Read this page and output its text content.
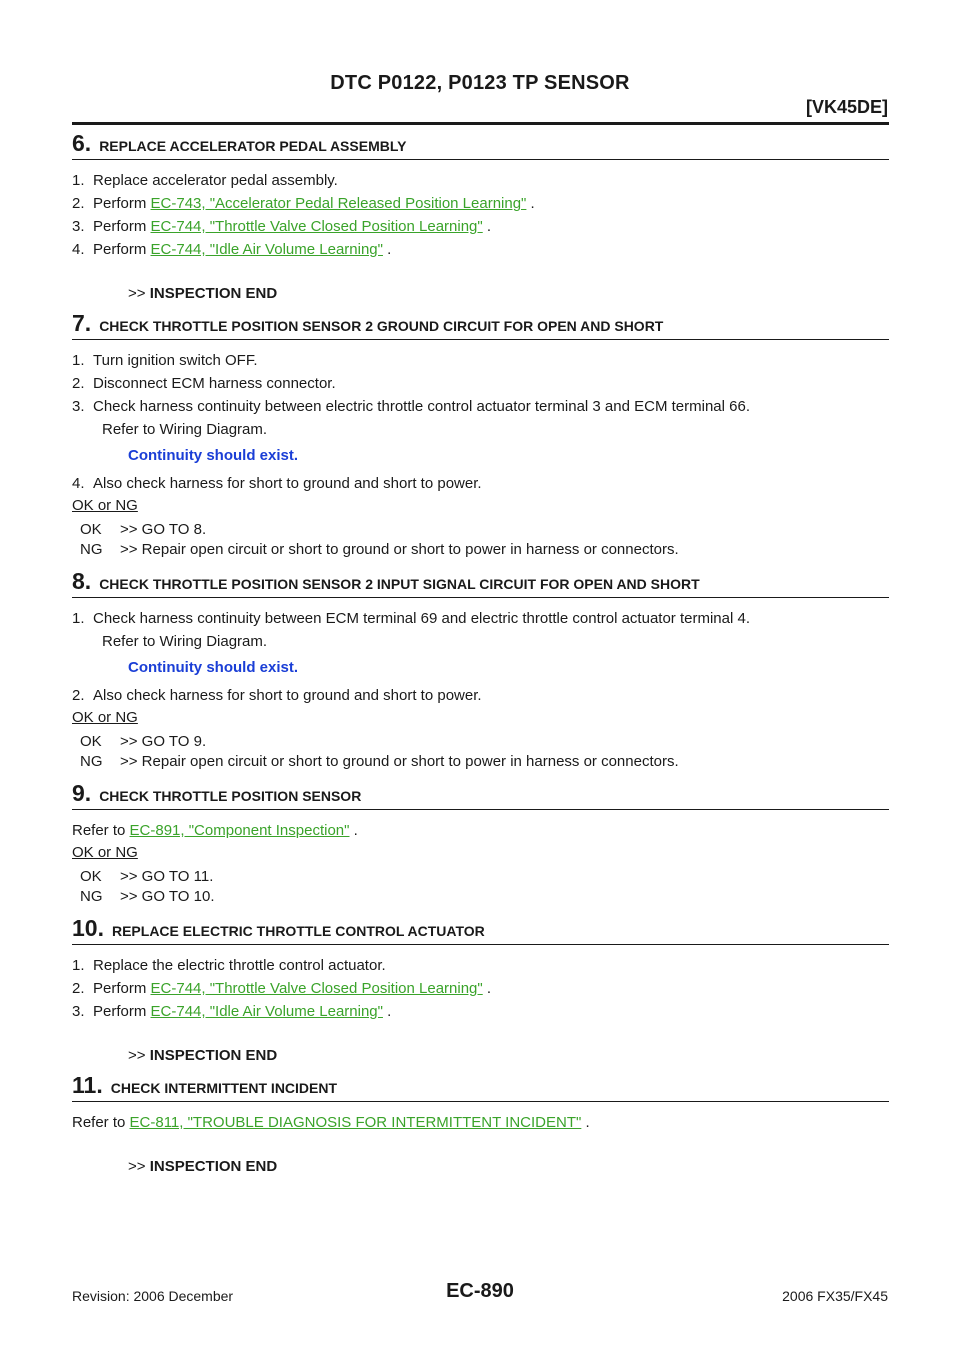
DTC P0122, P0123 TP SENSOR
[VK45DE]
6. REPLACE ACCELERATOR PEDAL ASSEMBLY
1. Replace accelerator pedal assembly.
2. Perform EC-743, "Accelerator Pedal Released Position Learning" .
3. Perform EC-744, "Throttle Valve Closed Position Learning" .
4. Perform EC-744, "Idle Air Volume Learning" .
>> INSPECTION END
7. CHECK THROTTLE POSITION SENSOR 2 GROUND CIRCUIT FOR OPEN AND SHORT
1. Turn ignition switch OFF.
2. Disconnect ECM harness connector.
3. Check harness continuity between electric throttle control actuator terminal 3 and ECM terminal 66.
Refer to Wiring Diagram.
Continuity should exist.
4. Also check harness for short to ground and short to power.
OK or NG
OK >> GO TO 8.
NG >> Repair open circuit or short to ground or short to power in harness or connectors.
8. CHECK THROTTLE POSITION SENSOR 2 INPUT SIGNAL CIRCUIT FOR OPEN AND SHORT
1. Check harness continuity between ECM terminal 69 and electric throttle control actuator terminal 4.
Refer to Wiring Diagram.
Continuity should exist.
2. Also check harness for short to ground and short to power.
OK or NG
OK >> GO TO 9.
NG >> Repair open circuit or short to ground or short to power in harness or connectors.
9. CHECK THROTTLE POSITION SENSOR
Refer to EC-891, "Component Inspection" .
OK or NG
OK >> GO TO 11.
NG >> GO TO 10.
10. REPLACE ELECTRIC THROTTLE CONTROL ACTUATOR
1. Replace the electric throttle control actuator.
2. Perform EC-744, "Throttle Valve Closed Position Learning" .
3. Perform EC-744, "Idle Air Volume Learning" .
>> INSPECTION END
11. CHECK INTERMITTENT INCIDENT
Refer to EC-811, "TROUBLE DIAGNOSIS FOR INTERMITTENT INCIDENT" .
>> INSPECTION END
Revision: 2006 December	EC-890	2006 FX35/FX45
